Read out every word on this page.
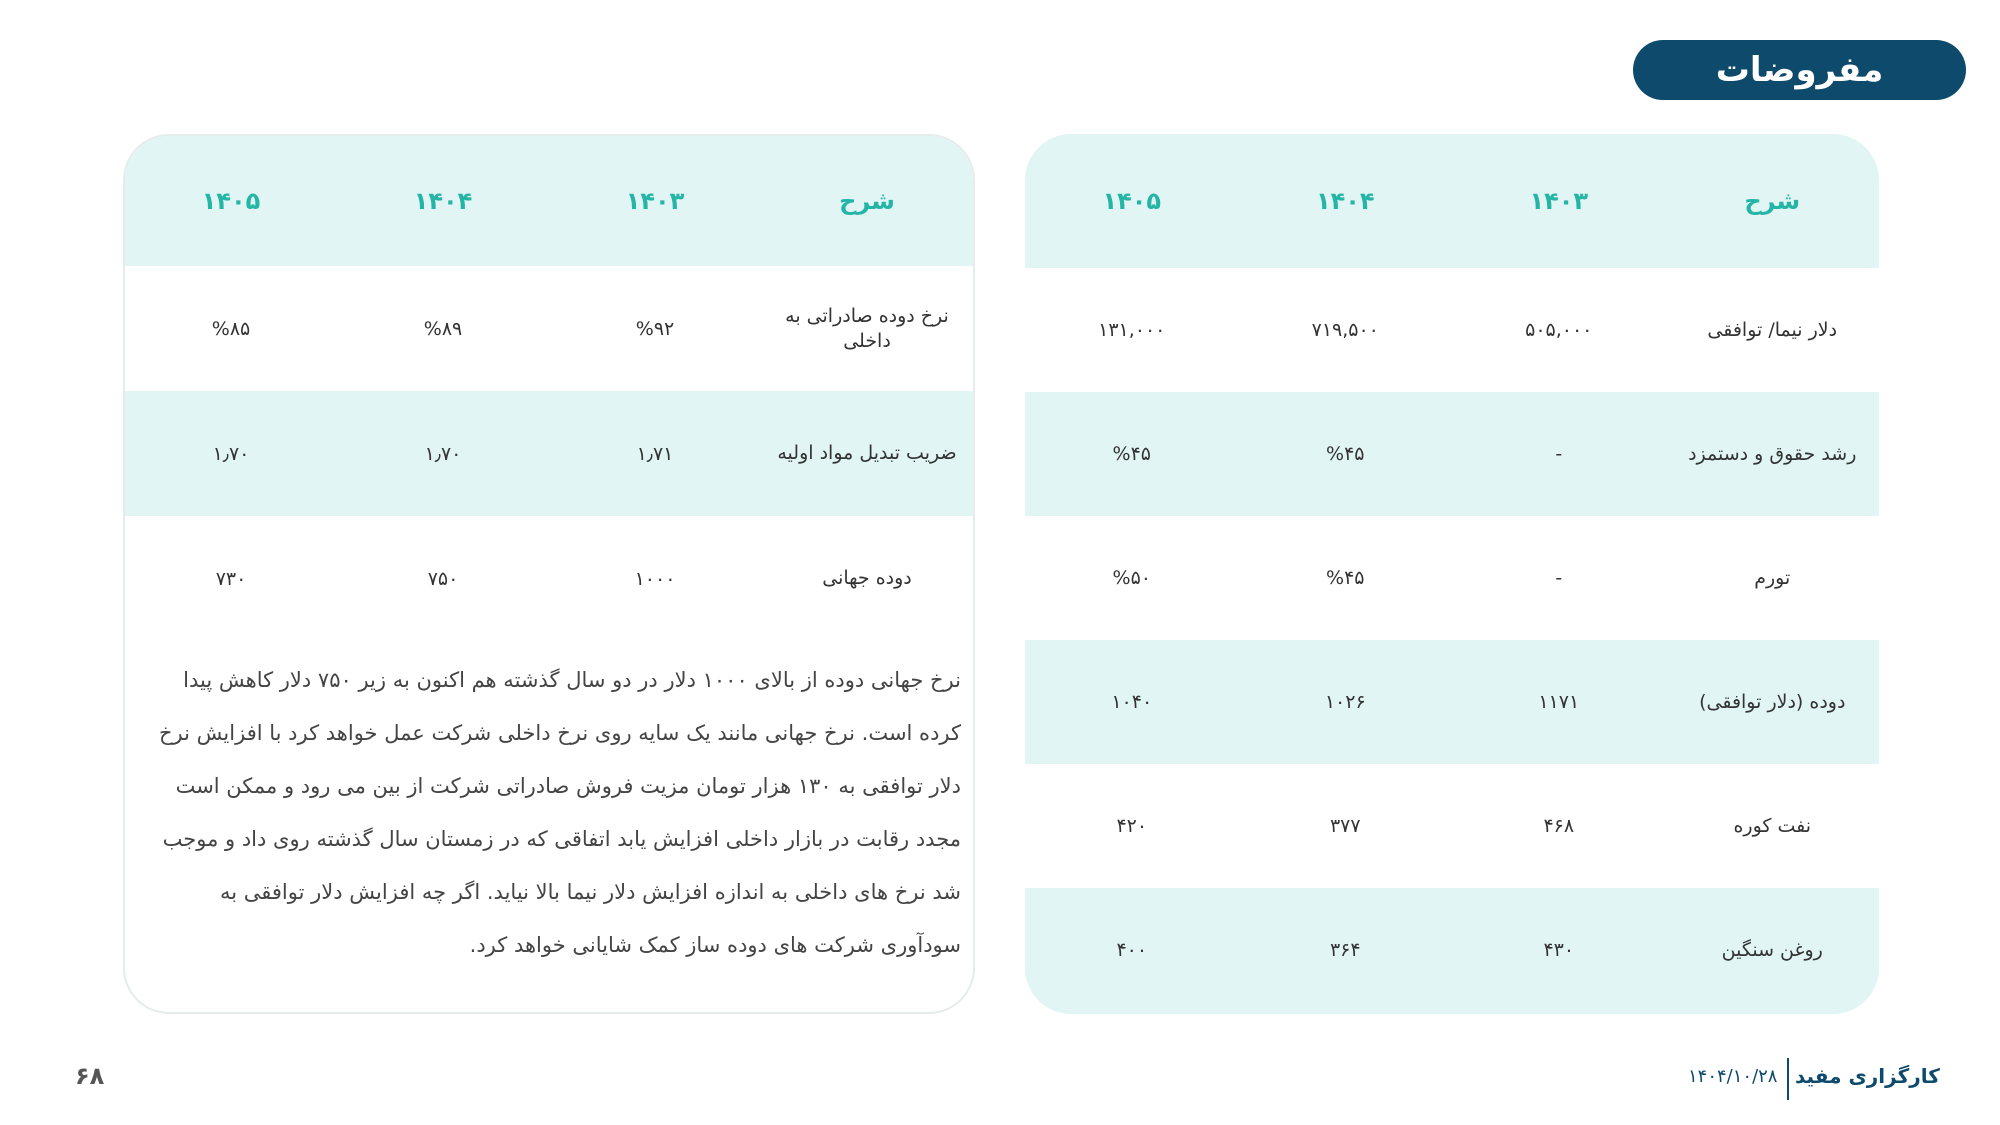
مفروضات
شرح	۱۴۰۳	۱۴۰۴	۱۴۰۵
دلار نیما/ توافقی	۵۰۵,۰۰۰	۷۱۹,۵۰۰	۱۳۱,۰۰۰
رشد حقوق و دستمزد	-	%۴۵	%۴۵
تورم	-	%۴۵	%۵۰
دوده (دلار توافقی)	۱۱۷۱	۱۰۲۶	۱۰۴۰
نفت کوره	۴۶۸	۳۷۷	۴۲۰
روغن سنگین	۴۳۰	۳۶۴	۴۰۰
شرح	۱۴۰۳	۱۴۰۴	۱۴۰۵
نرخ دوده صادراتی به داخلی	%۹۲	%۸۹	%۸۵
ضریب تبدیل مواد اولیه	۱٫۷۱	۱٫۷۰	۱٫۷۰
دوده جهانی	۱۰۰۰	۷۵۰	۷۳۰
نرخ جهانی دوده از بالای ۱۰۰۰ دلار در دو سال گذشته هم اکنون به زیر ۷۵۰ دلار کاهش پیدا کرده است. نرخ جهانی مانند یک سایه روی نرخ داخلی شرکت عمل خواهد کرد با افزایش نرخ دلار توافقی به ۱۳۰ هزار تومان مزیت فروش صادراتی شرکت از بین می رود و ممکن است مجدد رقابت در بازار داخلی افزایش یابد اتفاقی که در زمستان سال گذشته روی داد و موجب شد نرخ های داخلی به اندازه افزایش دلار نیما بالا نیاید. اگر چه افزایش دلار توافقی به سودآوری شرکت های دوده ساز کمک شایانی خواهد کرد.
کارگزاری مفید
۱۴۰۴/۱۰/۲۸
۶۸
